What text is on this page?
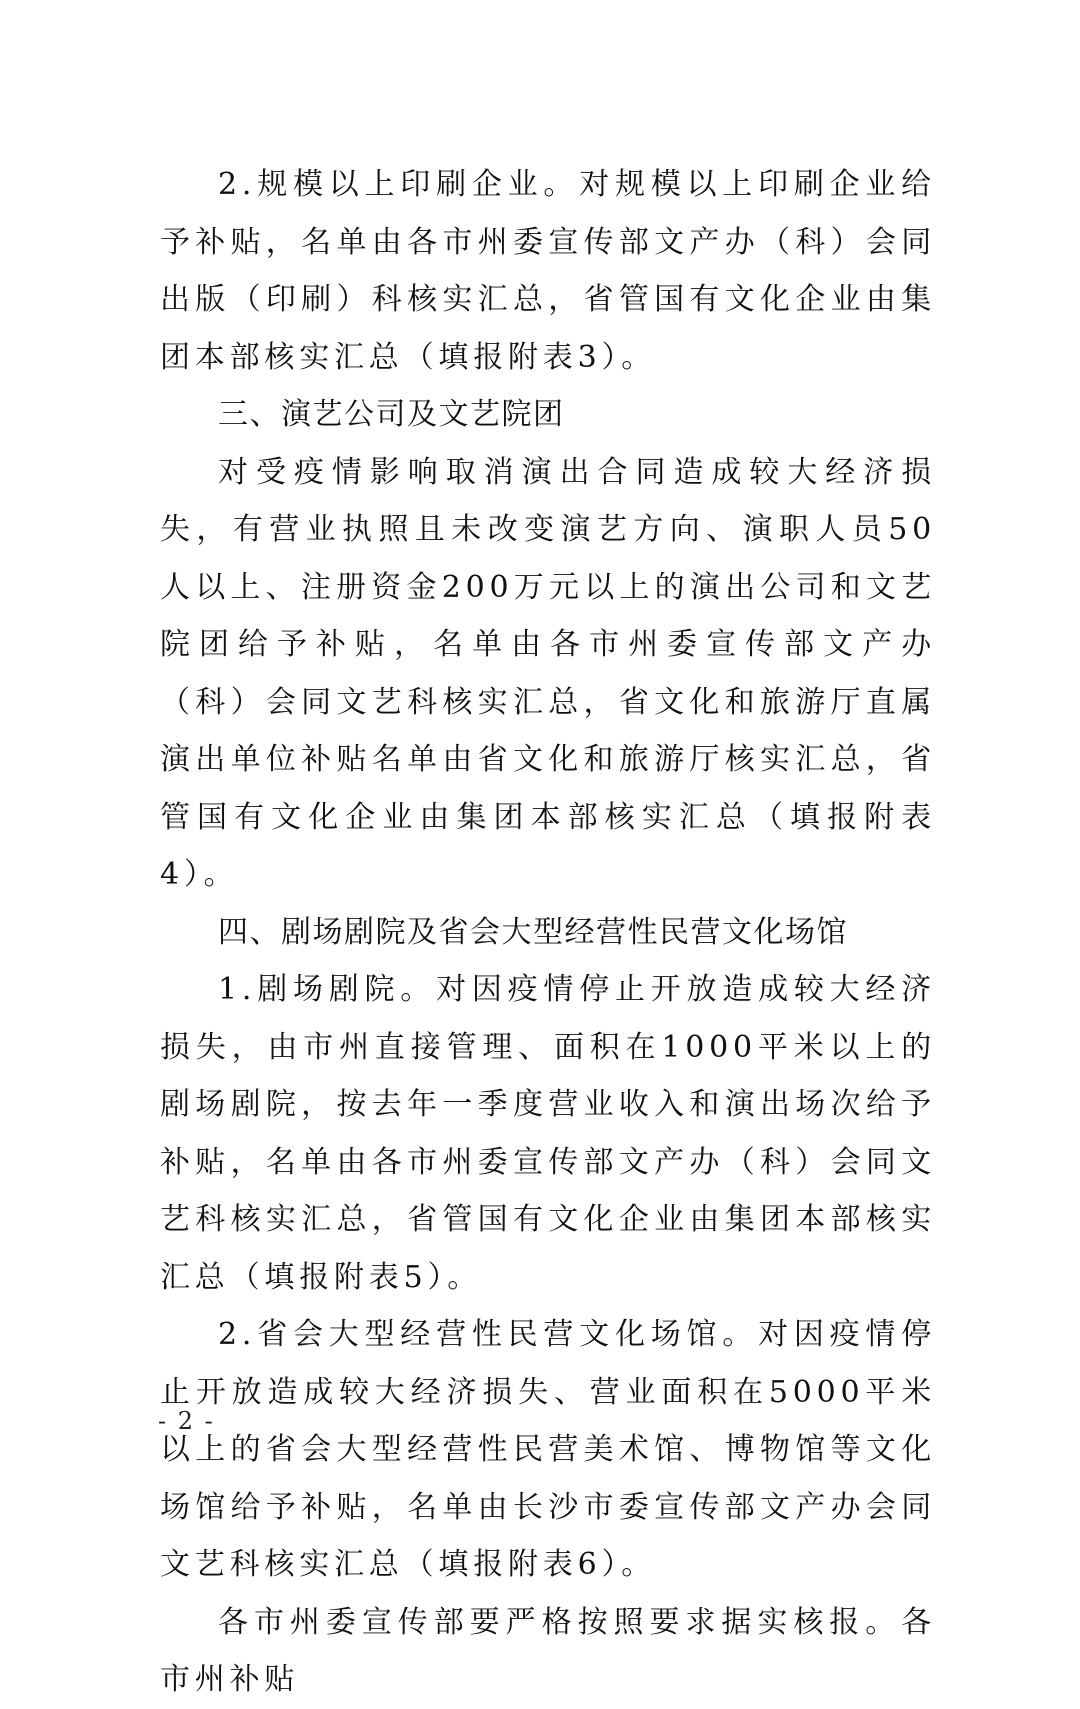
2.规模以上印刷企业。对规模以上印刷企业给予补贴，名单由各市州委宣传部文产办（科）会同出版（印刷）科核实汇总，省管国有文化企业由集团本部核实汇总（填报附表3）。

三、演艺公司及文艺院团

对受疫情影响取消演出合同造成较大经济损失，有营业执照且未改变演艺方向、演职人员50人以上、注册资金200万元以上的演出公司和文艺院团给予补贴，名单由各市州委宣传部文产办（科）会同文艺科核实汇总，省文化和旅游厅直属演出单位补贴名单由省文化和旅游厅核实汇总，省管国有文化企业由集团本部核实汇总（填报附表4）。

四、剧场剧院及省会大型经营性民营文化场馆

1.剧场剧院。对因疫情停止开放造成较大经济损失，由市州直接管理、面积在1000平米以上的剧场剧院，按去年一季度营业收入和演出场次给予补贴，名单由各市州委宣传部文产办（科）会同文艺科核实汇总，省管国有文化企业由集团本部核实汇总（填报附表5）。

2.省会大型经营性民营文化场馆。对因疫情停止开放造成较大经济损失、营业面积在5000平米以上的省会大型经营性民营美术馆、博物馆等文化场馆给予补贴，名单由长沙市委宣传部文产办会同文艺科核实汇总（填报附表6）。

各市州委宣传部要严格按照要求据实核报。各市州补贴

- 2 -
